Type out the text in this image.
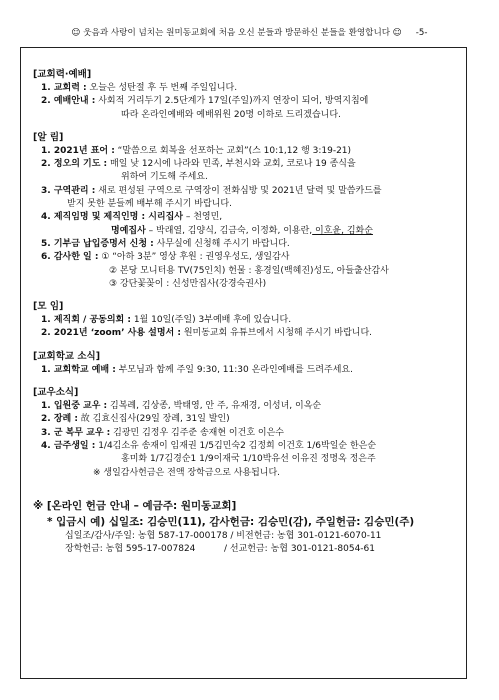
☺ 웃음과 사랑이 넘치는 원미동교회에 처음 오신 분들과 방문하신 분들을 환영합니다 ☺ -5-
[교회력·예배]
1. 교회력 : 오늘은 성탄절 후 두 번째 주일입니다.
2. 예배안내 : 사회적 거리두기 2.5단계가 17일(주일)까지 연장이 되어, 방역지침에
따라 온라인예배와 예배위원 20명 이하로 드리겠습니다.
[알 림]
1. 2021년 표어 : “말씀으로 회복을 선포하는 교회”(스 10:1,12 행 3:19-21)
2. 정오의 기도 : 매일 낮 12시에 나라와 민족, 부천시와 교회, 코로나 19 종식을
위하여 기도해 주세요.
3. 구역관리 : 새로 편성된 구역으로 구역장이 전화심방 및 2021년 달력 및 말씀카드를
받지 못한 분들께 배부해 주시기 바랍니다.
4. 제직임명 및 제직인명 : 시리집사 – 천영민,
명예집사 – 박래열, 김양식, 김금숙, 이정화, 이용란, 이호윤, 김화순
5. 기부금 납입증명서 신청 : 사무실에 신청해 주시기 바랍니다.
6. 감사한 일 : ① “아하 3분” 영상 후원 : 권영우성도, 생일감사
② 본당 모니터용 TV(75인치) 헌물 : 홍경일(백혜진)성도, 아들출산감사
③ 강단꽃꽂이 : 신성만집사(강경숙권사)
[모 임]
1. 제직회 / 공동의회 : 1월 10일(주일) 3부예배 후에 있습니다.
2. 2021년 ‘zoom’ 사용 설명서 : 원미동교회 유튜브에서 시청해 주시기 바랍니다.
[교회학교 소식]
1. 교회학교 예배 : 부모님과 함께 주일 9:30, 11:30 온라인예배를 드려주세요.
[교우소식]
1. 입원중 교우 : 김복례, 김상종, 박태영, 안 주, 유재경, 이성녀, 이옥순
2. 장례 : 故 김효신집사(29일 장례, 31일 발인)
3. 군 복무 교우 : 김광민 김정우 김주준 송재현 이건호 이은수
4. 금주생일 : 1/4김소유 송재이 임재권 1/5김민숙2 김정희 이건호 1/6박일순 한은순
홍미화 1/7김경순1 1/9이재국 1/10박유선 이유진 정명옥 정은주
※ 생일감사헌금은 전액 장학금으로 사용됩니다.
※ [온라인 헌금 안내 – 예금주: 원미동교회]
* 입금시 예) 십일조: 김승민(11), 감사헌금: 김승민(감), 주일헌금: 김승민(주)
십일조/감사/주일: 농협 587-17-000178 / 비전헌금: 농협 301-0121-6070-11
장학헌금: 농협 595-17-007824          / 선교헌금: 농협 301-0121-8054-61
